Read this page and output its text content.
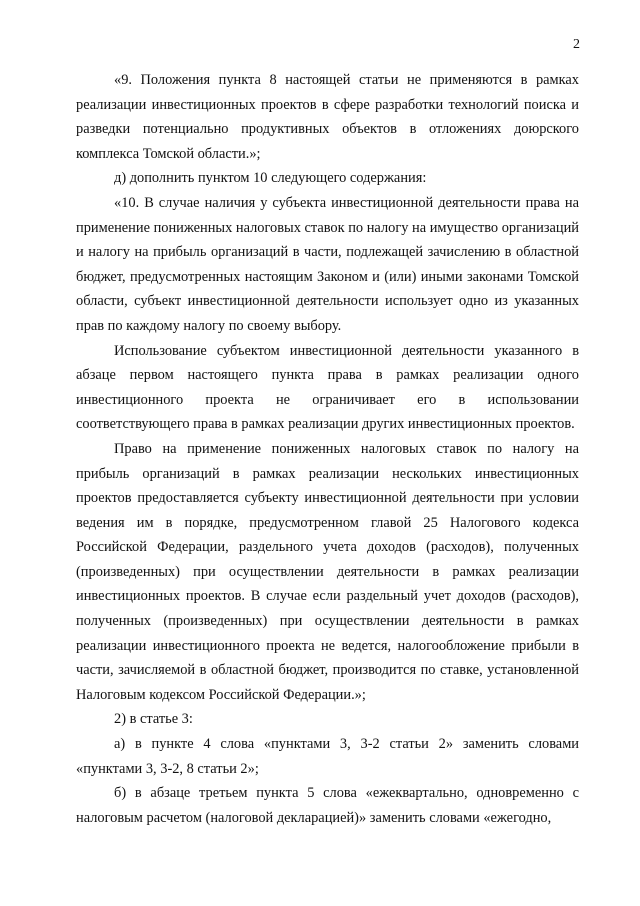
2

«9. Положения пункта 8 настоящей статьи не применяются в рамках реализации инвестиционных проектов в сфере разработки технологий поиска и разведки потенциально продуктивных объектов в отложениях доюрского комплекса Томской области.»;

д) дополнить пунктом 10 следующего содержания:

«10. В случае наличия у субъекта инвестиционной деятельности права на применение пониженных налоговых ставок по налогу на имущество организаций и налогу на прибыль организаций в части, подлежащей зачислению в областной бюджет, предусмотренных настоящим Законом и (или) иными законами Томской области, субъект инвестиционной деятельности использует одно из указанных прав по каждому налогу по своему выбору.

Использование субъектом инвестиционной деятельности указанного в абзаце первом настоящего пункта права в рамках реализации одного инвестиционного проекта не ограничивает его в использовании соответствующего права в рамках реализации других инвестиционных проектов.

Право на применение пониженных налоговых ставок по налогу на прибыль организаций в рамках реализации нескольких инвестиционных проектов предоставляется субъекту инвестиционной деятельности при условии ведения им в порядке, предусмотренном главой 25 Налогового кодекса Российской Федерации, раздельного учета доходов (расходов), полученных (произведенных) при осуществлении деятельности в рамках реализации инвестиционных проектов. В случае если раздельный учет доходов (расходов), полученных (произведенных) при осуществлении деятельности в рамках реализации инвестиционного проекта не ведется, налогообложение прибыли в части, зачисляемой в областной бюджет, производится по ставке, установленной Налоговым кодексом Российской Федерации.»;

2) в статье 3:

а) в пункте 4 слова «пунктами 3, 3-2 статьи 2» заменить словами «пунктами 3, 3-2, 8 статьи 2»;

б) в абзаце третьем пункта 5 слова «ежеквартально, одновременно с налоговым расчетом (налоговой декларацией)» заменить словами «ежегодно,
